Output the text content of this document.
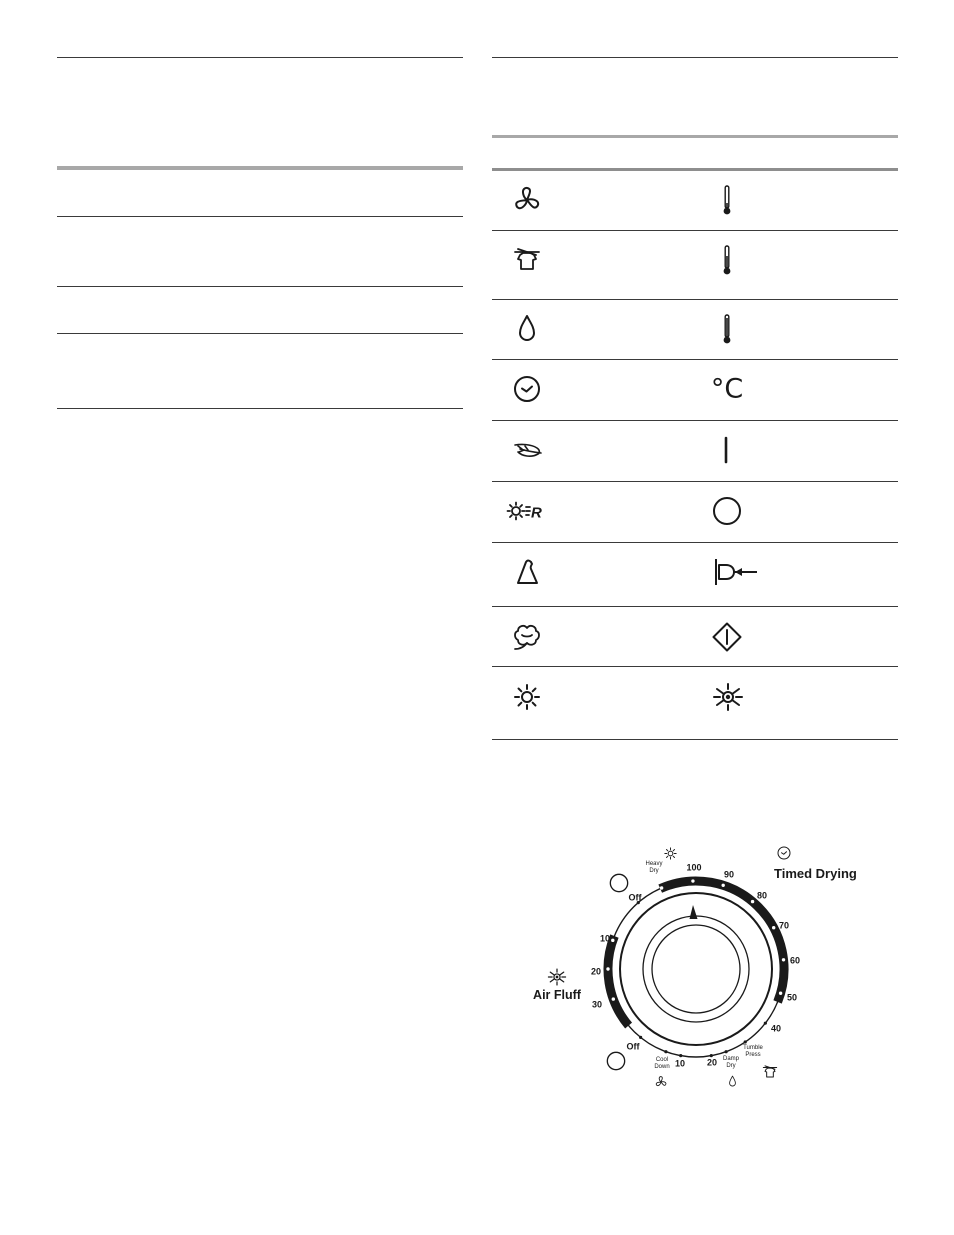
R
°C
Timed Drying
Air Fluff
Off
Off
Heavy
Dry
Tumble
Press
Damp
Dry
Cool
Down
100
90
80
70
60
50
40
20
10
10
20
30
